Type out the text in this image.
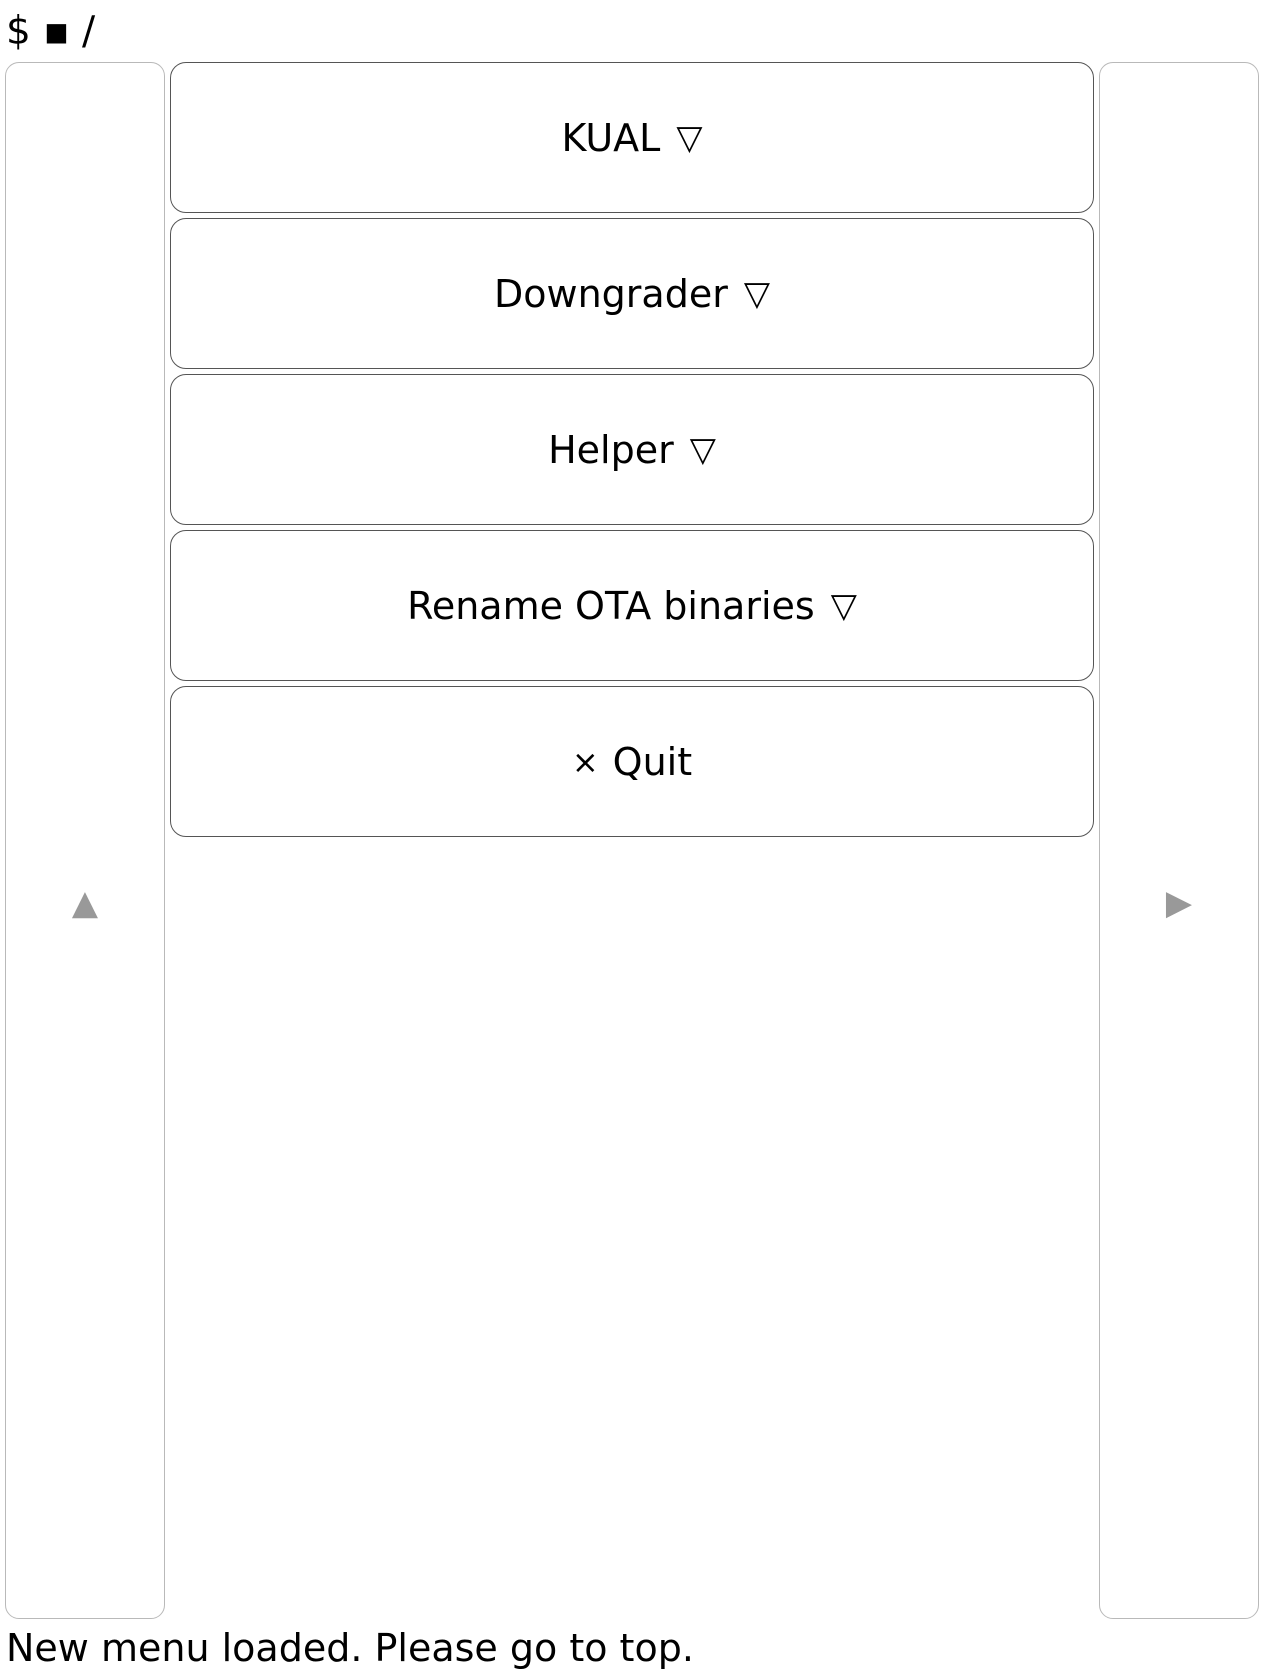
$ ▪ /
▲
KUAL ▽
Downgrader ▽
Helper ▽
Rename OTA binaries ▽
× Quit
▶
New menu loaded. Please go to top.
